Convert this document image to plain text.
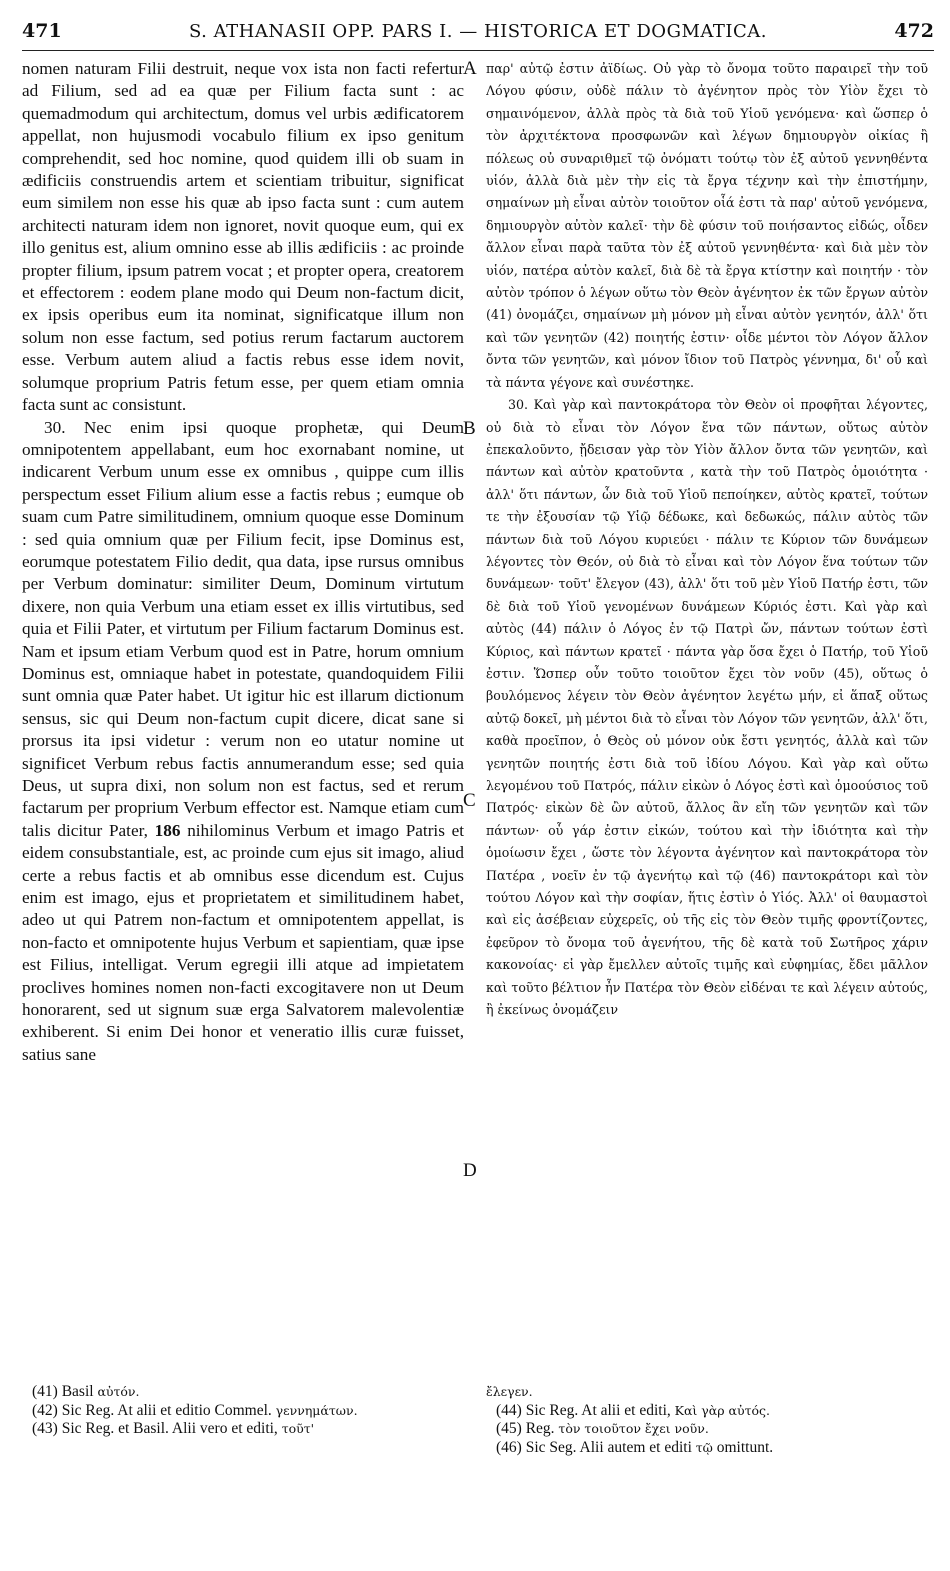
471	S. ATHANASII OPP. PARS I. — HISTORICA ET DOGMATICA.	472

nomen naturam Filii destruit, neque vox ista non facti refertur ad Filium, sed ad ea quæ per Filium facta sunt : ac quemadmodum qui architectum, domus vel urbis ædificatorem appellat, non hujusmodi vocabulo filium ex ipso genitum comprehendit, sed hoc nomine, quod quidem illi ob suam in ædificiis construendis artem et scientiam tribuitur, significat eum similem non esse his quæ ab ipso facta sunt : cum autem architecti naturam idem non ignoret, novit quoque eum, qui ex illo genitus est, alium omnino esse ab illis ædificiis : ac proinde propter filium, ipsum patrem vocat ; et propter opera, creatorem et effectorem : eodem plane modo qui Deum non-factum dicit, ex ipsis operibus eum ita nominat, significatque illum non solum non esse factum, sed potius rerum factarum auctorem esse. Verbum autem aliud a factis rebus esse idem novit, solumque proprium Patris fetum esse, per quem etiam omnia facta sunt ac consistunt.

30. Nec enim ipsi quoque prophetæ, qui Deum omnipotentem appellabant, eum hoc exornabant nomine, ut indicarent Verbum unum esse ex omnibus , quippe cum illis perspectum esset Filium alium esse a factis rebus ; eumque ob suam cum Patre similitudinem, omnium quoque esse Dominum : sed quia omnium quæ per Filium fecit, ipse Dominus est, eorumque potestatem Filio dedit, qua data, ipse rursus omnibus per Verbum dominatur: similiter Deum, Dominum virtutum dixere, non quia Verbum una etiam esset ex illis virtutibus, sed quia et Filii Pater, et virtutum per Filium factarum Dominus est. Nam et ipsum etiam Verbum quod est in Patre, horum omnium Dominus est, omniaque habet in potestate, quandoquidem Filii sunt omnia quæ Pater habet. Ut igitur hic est illarum dictionum sensus, sic qui Deum non-factum cupit dicere, dicat sane si prorsus ita ipsi videtur : verum non eo utatur nomine ut significet Verbum rebus factis annumerandum esse; sed quia Deus, ut supra dixi, non solum non est factus, sed et rerum factarum per proprium Verbum effector est. Namque etiam cum talis dicitur Pater, 186 nihilominus Verbum et imago Patris et eidem consubstantiale, est, ac proinde cum ejus sit imago, aliud certe a rebus factis et ab omnibus esse dicendum est. Cujus enim est imago, ejus et proprietatem et similitudinem habet, adeo ut qui Patrem non-factum et omnipotentem appellat, is non-facto et omnipotente hujus Verbum et sapientiam, quæ ipse est Filius, intelligat. Verum egregii illi atque ad impietatem proclives homines nomen non-facti excogitavere non ut Deum honorarent, sed ut signum suæ erga Salvatorem malevolentiæ exhiberent. Si enim Dei honor et veneratio illis curæ fuisset, satius sane

A
B
C
D

παρ' αὐτῷ ἐστιν ἀϊδίως. Οὐ γὰρ τὸ ὄνομα τοῦτο παραιρεῖ τὴν τοῦ Λόγου φύσιν, οὐδὲ πάλιν τὸ ἀγένητον πρὸς τὸν Υἱὸν ἔχει τὸ σημαινόμενον, ἀλλὰ πρὸς τὰ διὰ τοῦ Υἱοῦ γενόμενα· καὶ ὥσπερ ὁ τὸν ἀρχιτέκτονα προσφωνῶν καὶ λέγων δημιουργὸν οἰκίας ἢ πόλεως οὐ συναριθμεῖ τῷ ὀνόματι τούτῳ τὸν ἐξ αὐτοῦ γεννηθέντα υἱόν, ἀλλὰ διὰ μὲν τὴν εἰς τὰ ἔργα τέχνην καὶ τὴν ἐπιστήμην, σημαίνων μὴ εἶναι αὐτὸν τοιοῦτον οἷά ἐστι τὰ παρ' αὐτοῦ γενόμενα, δημιουργὸν αὐτὸν καλεῖ· τὴν δὲ φύσιν τοῦ ποιήσαντος εἰδώς, οἶδεν ἄλλον εἶναι παρὰ ταῦτα τὸν ἐξ αὐτοῦ γεννηθέντα· καὶ διὰ μὲν τὸν υἱόν, πατέρα αὐτὸν καλεῖ, διὰ δὲ τὰ ἔργα κτίστην καὶ ποιητήν · τὸν αὐτὸν τρόπον ὁ λέγων οὕτω τὸν Θεὸν ἀγένητον ἐκ τῶν ἔργων αὐτὸν (41) ὀνομάζει, σημαίνων μὴ μόνον μὴ εἶναι αὐτὸν γενητόν, ἀλλ' ὅτι καὶ τῶν γενητῶν (42) ποιητής ἐστιν· οἶδε μέντοι τὸν Λόγον ἄλλον ὄντα τῶν γενητῶν, καὶ μόνον ἴδιον τοῦ Πατρὸς γέννημα, δι' οὗ καὶ τὰ πάντα γέγονε καὶ συνέστηκε.

30. Καὶ γὰρ καὶ παντοκράτορα τὸν Θεὸν οἱ προφῆται λέγοντες, οὐ διὰ τὸ εἶναι τὸν Λόγον ἕνα τῶν πάντων, οὕτως αὐτὸν ἐπεκαλοῦντο, ᾔδεισαν γὰρ τὸν Υἱὸν ἄλλον ὄντα τῶν γενητῶν, καὶ πάντων καὶ αὐτὸν κρατοῦντα , κατὰ τὴν τοῦ Πατρὸς ὁμοιότητα · ἀλλ' ὅτι πάντων, ὧν διὰ τοῦ Υἱοῦ πεποίηκεν, αὐτὸς κρατεῖ, τούτων τε τὴν ἐξουσίαν τῷ Υἱῷ δέδωκε, καὶ δεδωκώς, πάλιν αὐτὸς τῶν πάντων διὰ τοῦ Λόγου κυριεύει · πάλιν τε Κύριον τῶν δυνάμεων λέγοντες τὸν Θεόν, οὐ διὰ τὸ εἶναι καὶ τὸν Λόγον ἕνα τούτων τῶν δυνάμεων· τοῦτ' ἔλεγον (43), ἀλλ' ὅτι τοῦ μὲν Υἱοῦ Πατήρ ἐστι, τῶν δὲ διὰ τοῦ Υἱοῦ γενομένων δυνάμεων Κύριός ἐστι. Καὶ γὰρ καὶ αὐτὸς (44) πάλιν ὁ Λόγος ἐν τῷ Πατρὶ ὤν, πάντων τούτων ἐστὶ Κύριος, καὶ πάντων κρατεῖ · πάντα γὰρ ὅσα ἔχει ὁ Πατήρ, τοῦ Υἱοῦ ἐστιν. Ὥσπερ οὖν τοῦτο τοιοῦτον ἔχει τὸν νοῦν (45), οὕτως ὁ βουλόμενος λέγειν τὸν Θεὸν ἀγένητον λεγέτω μήν, εἰ ἅπαξ οὕτως αὐτῷ δοκεῖ, μὴ μέντοι διὰ τὸ εἶναι τὸν Λόγον τῶν γενητῶν, ἀλλ' ὅτι, καθὰ προεῖπον, ὁ Θεὸς οὐ μόνον οὐκ ἔστι γενητός, ἀλλὰ καὶ τῶν γενητῶν ποιητής ἐστι διὰ τοῦ ἰδίου Λόγου. Καὶ γὰρ καὶ οὕτω λεγομένου τοῦ Πατρός, πάλιν εἰκὼν ὁ Λόγος ἐστὶ καὶ ὁμοούσιος τοῦ Πατρός· εἰκὼν δὲ ὢν αὐτοῦ, ἄλλος ἂν εἴη τῶν γενητῶν καὶ τῶν πάντων· οὗ γάρ ἐστιν εἰκών, τούτου καὶ τὴν ἰδιότητα καὶ τὴν ὁμοίωσιν ἔχει , ὥστε τὸν λέγοντα ἀγένητον καὶ παντοκράτορα τὸν Πατέρα , νοεῖν ἐν τῷ ἀγενήτῳ καὶ τῷ (46) παντοκράτορι καὶ τὸν τούτου Λόγον καὶ τὴν σοφίαν, ἥτις ἐστὶν ὁ Υἱός. Ἀλλ' οἱ θαυμαστοὶ καὶ εἰς ἀσέβειαν εὐχερεῖς, οὐ τῆς εἰς τὸν Θεὸν τιμῆς φροντίζοντες, ἐφεῦρον τὸ ὄνομα τοῦ ἀγενήτου, τῆς δὲ κατὰ τοῦ Σωτῆρος χάριν κακονοίας· εἰ γὰρ ἔμελλεν αὐτοῖς τιμῆς καὶ εὐφημίας, ἔδει μᾶλλον καὶ τοῦτο βέλτιον ἦν Πατέρα τὸν Θεὸν εἰδέναι τε καὶ λέγειν αὐτούς, ἢ ἐκείνως ὀνομάζειν

(41) Basil αὐτόν.

(42) Sic Reg. At alii et editio Commel. γεννημάτων.

(43) Sic Reg. et Basil. Alii vero et editi, τοῦτ'

ἔλεγεν.

(44) Sic Reg. At alii et editi, Καὶ γὰρ αὐτός.

(45) Reg. τὸν τοιοῦτον ἔχει νοῦν.

(46) Sic Seg. Alii autem et editi τῷ omittunt.
